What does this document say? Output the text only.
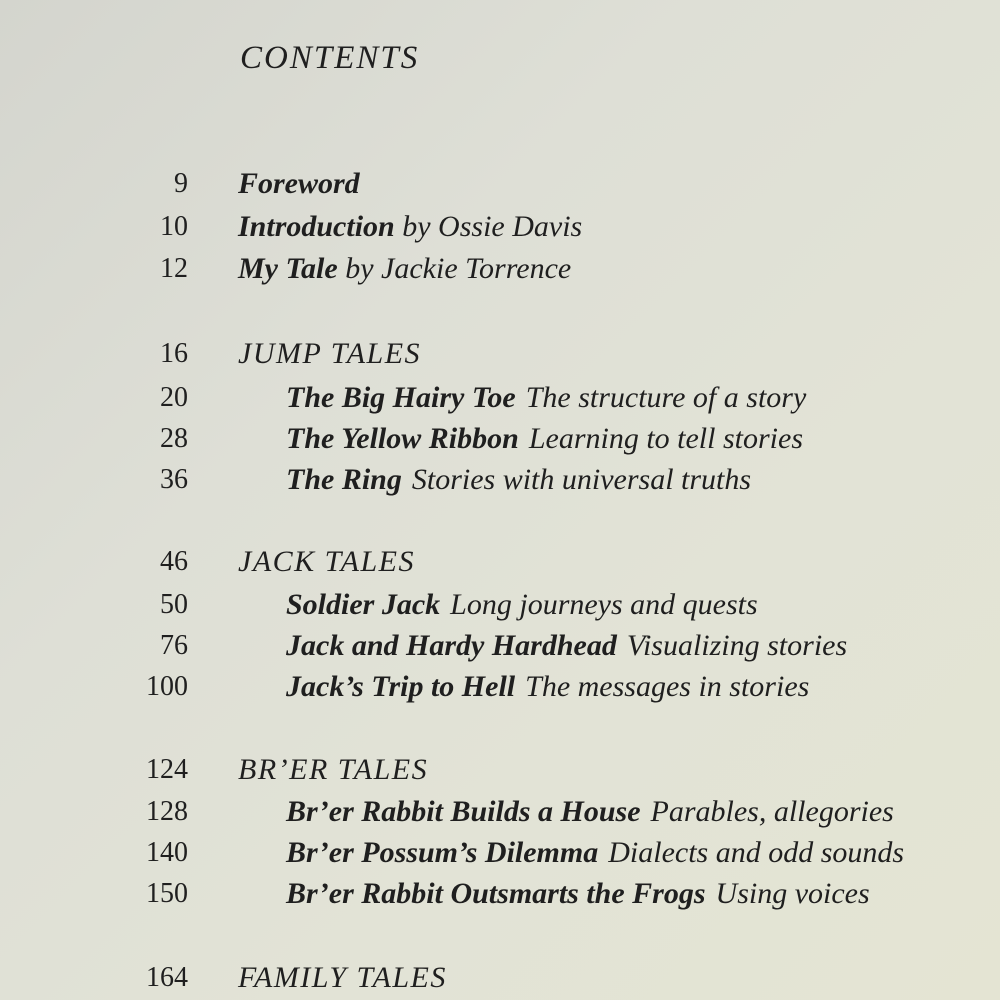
CONTENTS
9 Foreword
10 Introduction by Ossie Davis
12 My Tale by Jackie Torrence
16 JUMP TALES
20	The Big Hairy Toe The structure of a story
28	The Yellow Ribbon Learning to tell stories
36	The Ring Stories with universal truths
46 JACK TALES
50	Soldier Jack Long journeys and quests
76	Jack and Hardy Hardhead Visualizing stories
100	Jack’s Trip to Hell The messages in stories
124 BR’ER TALES
128	Br’er Rabbit Builds a House Parables, allegories
140	Br’er Possum’s Dilemma Dialects and odd sounds
150	Br’er Rabbit Outsmarts the Frogs Using voices
164 FAMILY TALES
